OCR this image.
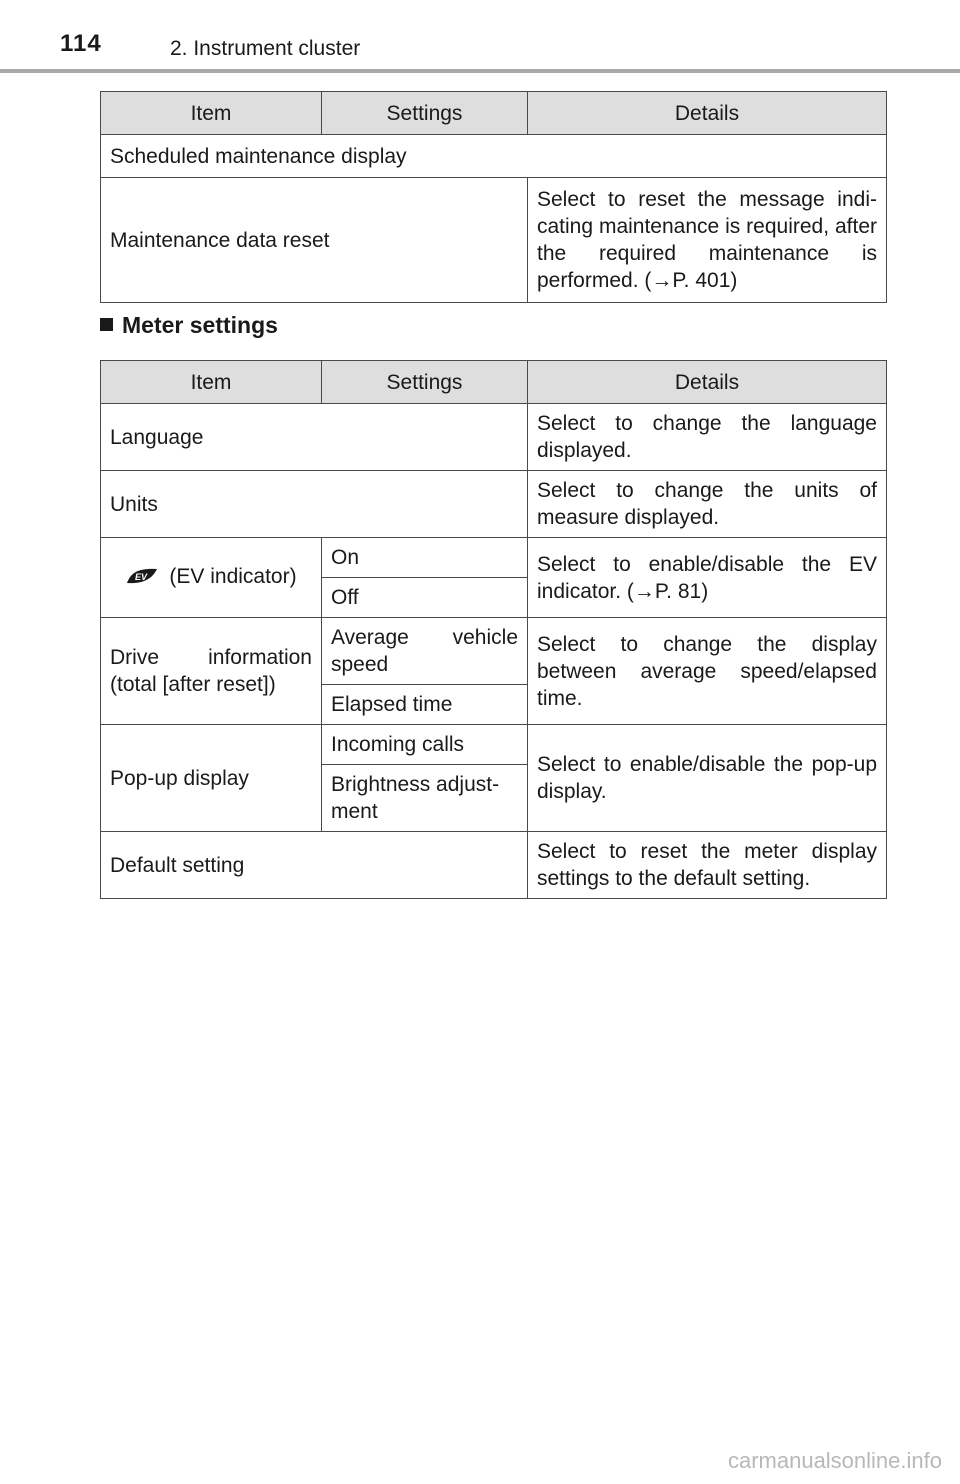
114	2. Instrument cluster
Item	Settings	Details
Scheduled maintenance display		
Maintenance data reset		Select to reset the message indi-cating maintenance is required, after the required maintenance is performed. (→P. 401)
Meter settings
Item	Settings	Details
Language		Select to change the language displayed.
Units		Select to change the units of measure displayed.

EV (EV indicator)	On	Select to enable/disable the EV indicator. (→P. 81)
	Off	
Drive information (total [after reset])	Average vehicle speed	Select to change the display between average speed/elapsed time.
	Elapsed time	
Pop-up display	Incoming calls	Select to enable/disable the pop-up display.
	Brightness adjust-ment	
Default setting		Select to reset the meter display settings to the default setting.
carmanualsonline.info
